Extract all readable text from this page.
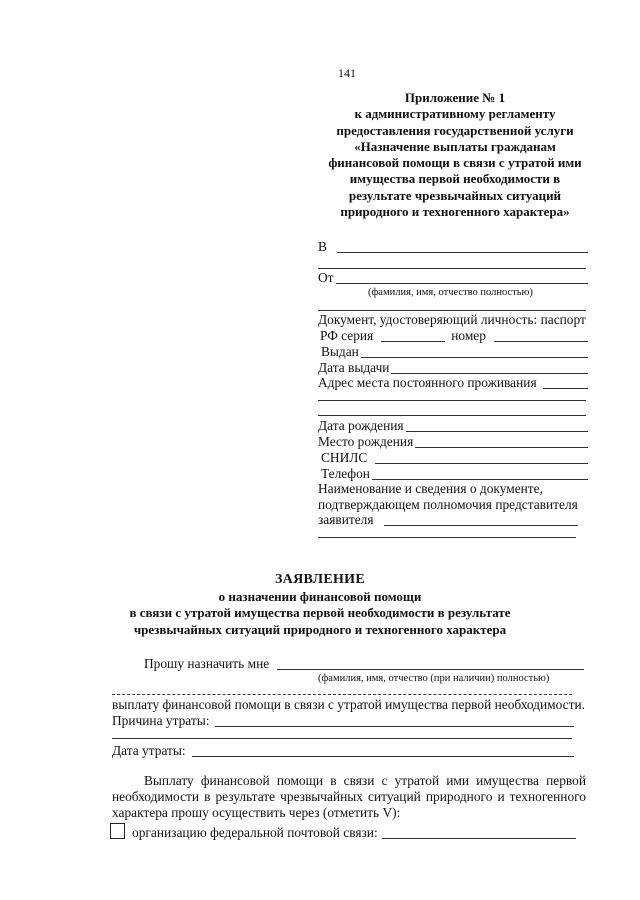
141
Приложение № 1
к административному регламенту
предоставления государственной услуги
«Назначение выплаты гражданам
финансовой помощи в связи с утратой ими
имущества первой необходимости в
результате чрезвычайных ситуаций
природного и техногенного характера»
В
От
(фамилия, имя, отчество полностью)
Документ, удостоверяющий личность: паспорт
РФ серия	номер
Выдан
Дата выдачи
Адрес места постоянного проживания
Дата рождения
Место рождения
СНИЛС
Телефон
Наименование и сведения о документе,
подтверждающем полномочия представителя
заявителя
ЗАЯВЛЕНИЕ
о назначении финансовой помощи
в связи с утратой имущества первой необходимости в результате
чрезвычайных ситуаций природного и техногенного характера
Прошу назначить мне
(фамилия, имя, отчество (при наличии) полностью)
выплату финансовой помощи в связи с утратой имущества первой необходимости.
Причина утраты:
Дата утраты:
Выплату финансовой помощи в связи с утратой ими имущества первой необходимости в результате чрезвычайных ситуаций природного и техногенного характера прошу осуществить через (отметить V):
организацию федеральной почтовой связи:
